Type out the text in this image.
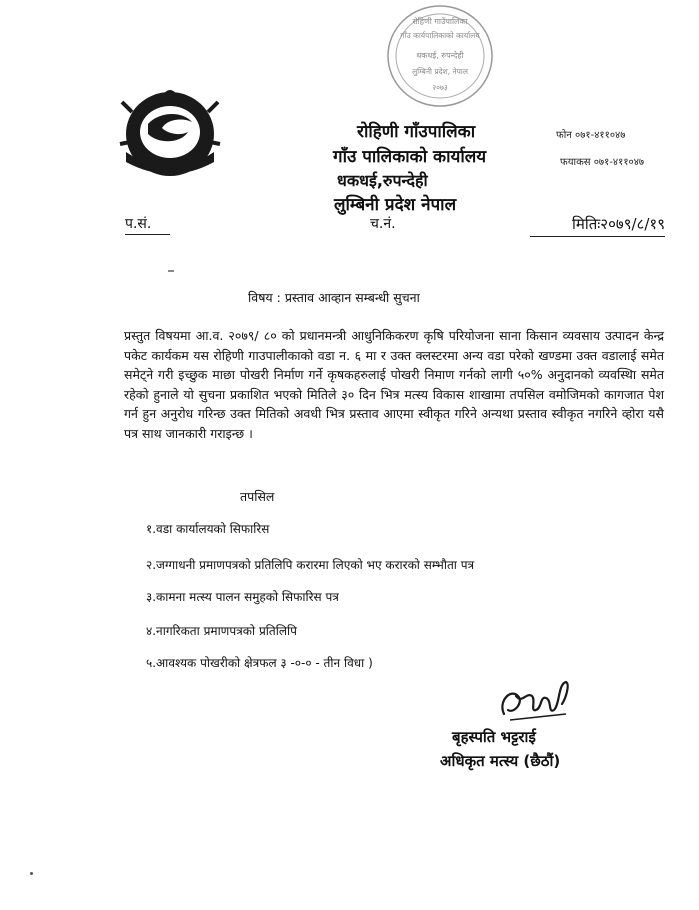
रोहिणी गाउँपालिका
गाँउ कार्यपालिकाको कार्यालय
धकधई, रुपन्देही
लुम्बिनी प्रदेश, नेपाल
२०७३
रोहिणी गाँउपालिका
गाँउ पालिकाको कार्यालय
धकधई,रुपन्देही
लुम्बिनी प्रदेश नेपाल
फोन ०७१-४११०४७
फयाकस ०७१-४११०४७
प.सं.	च.नं.	मितिः२०७९/८/१९
विषय : प्रस्ताव आव्हान सम्बन्धी सुचना
प्रस्तुत विषयमा आ.व. २०७९/ ८० को प्रधानमन्त्री आधुनिकिकरण कृषि परियोजना साना किसान व्यवसाय उत्पादन केन्द्र पकेट कार्यकम यस रोहिणी गाउपालीकाको वडा न. ६ मा र उक्त क्लस्टरमा अन्य वडा परेको खण्डमा उक्त वडालाई समेत समेट्ने गरी इच्छुक माछा पोखरी निर्माण गर्ने कृषकहरुलाई पोखरी निमाण गर्नको लागी ५०% अनुदानको व्यवस्थिा समेत रहेको हुनाले यो सुचना प्रकाशित भएको मितिले ३० दिन भित्र मत्स्य विकास शाखामा तपसिल वमोजिमको कागजात पेश गर्न हुन अनुरोध गरिन्छ उक्त मितिको अवधी भित्र प्रस्ताव आएमा स्वीकृत गरिने अन्यथा प्रस्ताव स्वीकृत नगरिने व्होरा यसै पत्र साथ जानकारी गराइन्छ ।
तपसिल
१.वडा कार्यालयको सिफारिस
२.जग्गाधनी प्रमाणपत्रको प्रतिलिपि करारमा लिएको भए करारको सम्भौता पत्र
३.कामना मत्स्य पालन समुहको सिफारिस पत्र
४.नागरिकता प्रमाणपत्रको प्रतिलिपि
५.आवश्यक पोखरीको क्षेत्रफल ३ -०-० - तीन विधा )
बृहस्पति भट्टराई
अधिकृत मत्स्य (छैठौं)
